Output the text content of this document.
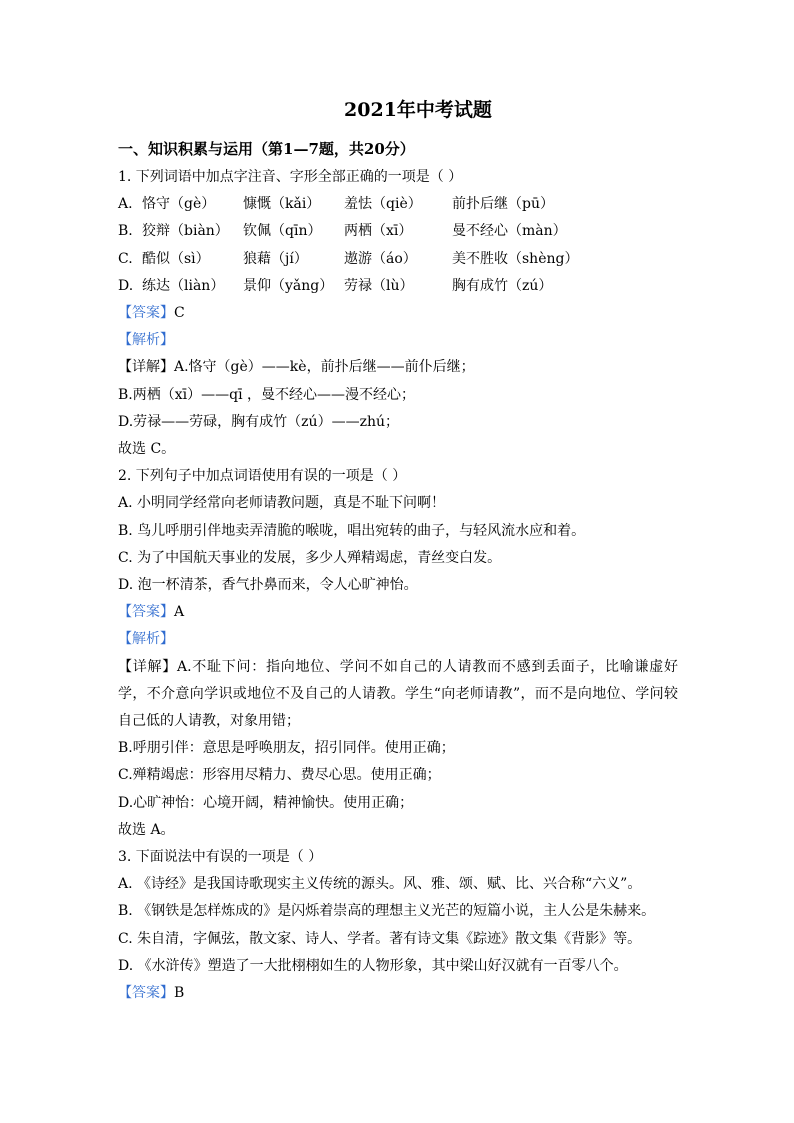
2021年中考试题
一、知识积累与运用（第1—7题，共20分）
1. 下列词语中加点字注音、字形全部正确的一项是（ ）
A. 恪守（gè）	慷慨（kǎi）	羞怯（qiè）	前扑后继（pū）
B. 狡辩（biàn）	钦佩（qīn）	两栖（xī）	曼不经心（màn）
C. 酷似（sì）	狼藉（jí）	遨游（áo）	美不胜收（shèng）
D. 练达（liàn）	景仰（yǎng） 劳禄（lù）	胸有成竹（zú）
【答案】C
【解析】
【详解】A.恪守（gè）——kè，前扑后继——前仆后继；
B.两栖（xī）——qī ，曼不经心——漫不经心；
D.劳禄——劳碌，胸有成竹（zú）——zhú；
故选 C。
2. 下列句子中加点词语使用有误的一项是（ ）
A. 小明同学经常向老师请教问题，真是不耻下问啊！
B. 鸟儿呼朋引伴地卖弄清脆的喉咙，唱出宛转的曲子，与轻风流水应和着。
C. 为了中国航天事业的发展，多少人殚精竭虑，青丝变白发。
D. 泡一杯清茶，香气扑鼻而来，令人心旷神怡。
【答案】A
【解析】
【详解】A.不耻下问：指向地位、学问不如自己的人请教而不感到丢面子，比喻谦虚好学，不介意向学识或地位不及自己的人请教。学生“向老师请教”，而不是向地位、学问较自己低的人请教，对象用错；
B.呼朋引伴：意思是呼唤朋友，招引同伴。使用正确；
C.殚精竭虑：形容用尽精力、费尽心思。使用正确；
D.心旷神怡：心境开阔，精神愉快。使用正确；
故选 A。
3. 下面说法中有误的一项是（ ）
A. 《诗经》是我国诗歌现实主义传统的源头。风、雅、颂、赋、比、兴合称“六义”。
B. 《钢铁是怎样炼成的》是闪烁着崇高的理想主义光芒的短篇小说，主人公是朱赫来。
C. 朱自清，字佩弦，散文家、诗人、学者。著有诗文集《踪迹》散文集《背影》等。
D. 《水浒传》塑造了一大批栩栩如生的人物形象，其中梁山好汉就有一百零八个。
【答案】B
